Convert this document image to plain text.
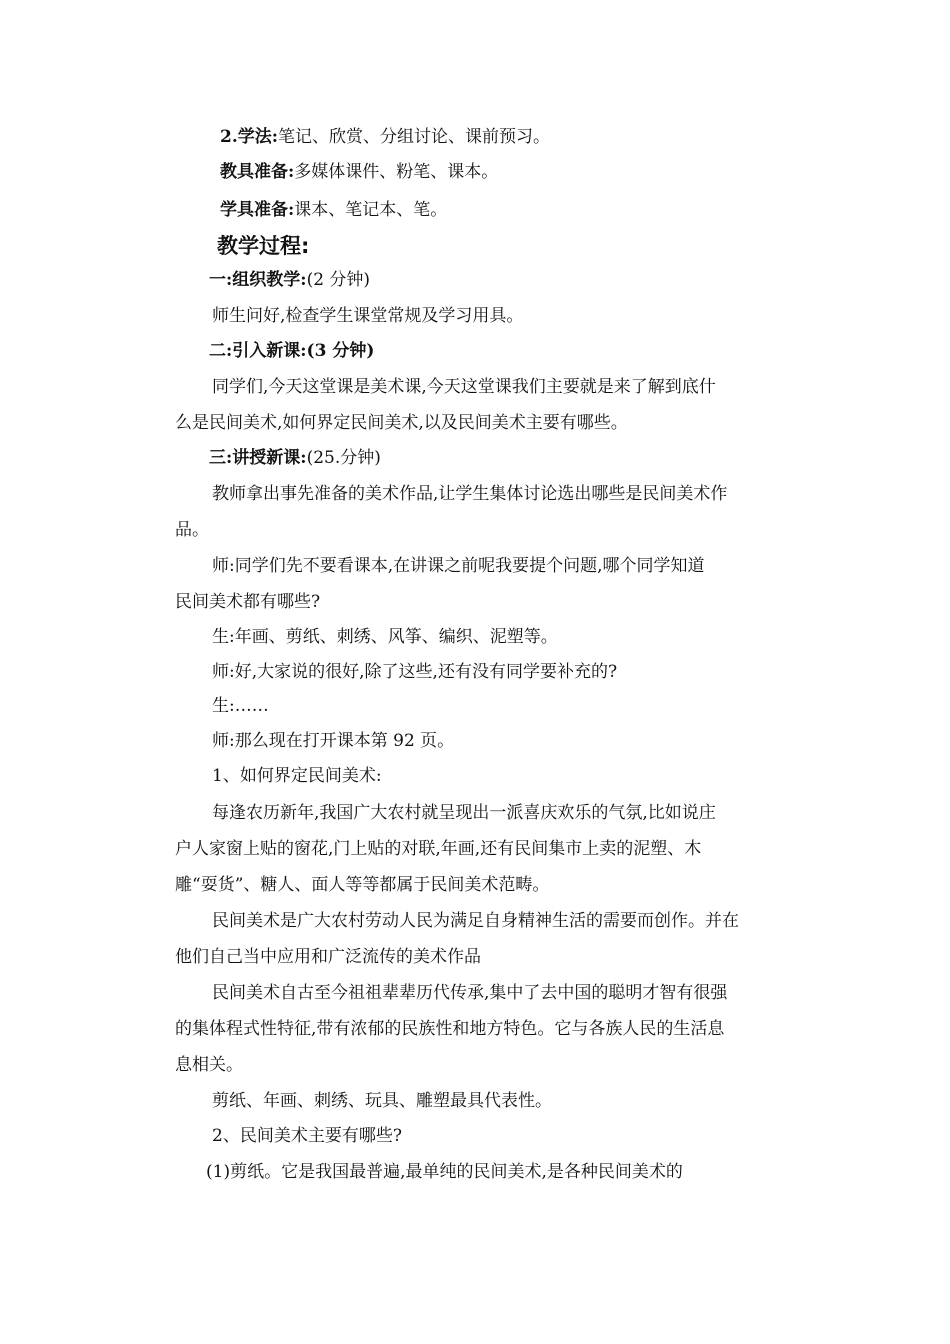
2.学法:笔记、欣赏、分组讨论、课前预习。
教具准备:多媒体课件、粉笔、课本。
学具准备:课本、笔记本、笔。
教学过程:
一:组织教学:(2 分钟)
师生问好,检查学生课堂常规及学习用具。
二:引入新课:(3 分钟)
同学们,今天这堂课是美术课,今天这堂课我们主要就是来了解到底什
么是民间美术,如何界定民间美术,以及民间美术主要有哪些。
三:讲授新课:(25.分钟)
教师拿出事先准备的美术作品,让学生集体讨论选出哪些是民间美术作
品。
师:同学们先不要看课本,在讲课之前呢我要提个问题,哪个同学知道
民间美术都有哪些?
生:年画、剪纸、刺绣、风筝、编织、泥塑等。
师:好,大家说的很好,除了这些,还有没有同学要补充的?
生:……
师:那么现在打开课本第 92 页。
1、如何界定民间美术:
每逢农历新年,我国广大农村就呈现出一派喜庆欢乐的气氛,比如说庄
户人家窗上贴的窗花,门上贴的对联,年画,还有民间集市上卖的泥塑、木
雕“耍货”、糖人、面人等等都属于民间美术范畴。
民间美术是广大农村劳动人民为满足自身精神生活的需要而创作。并在
他们自己当中应用和广泛流传的美术作品
民间美术自古至今祖祖辈辈历代传承,集中了去中国的聪明才智有很强
的集体程式性特征,带有浓郁的民族性和地方特色。它与各族人民的生活息
息相关。
剪纸、年画、刺绣、玩具、雕塑最具代表性。
2、民间美术主要有哪些?
(1)剪纸。它是我国最普遍,最单纯的民间美术,是各种民间美术的
